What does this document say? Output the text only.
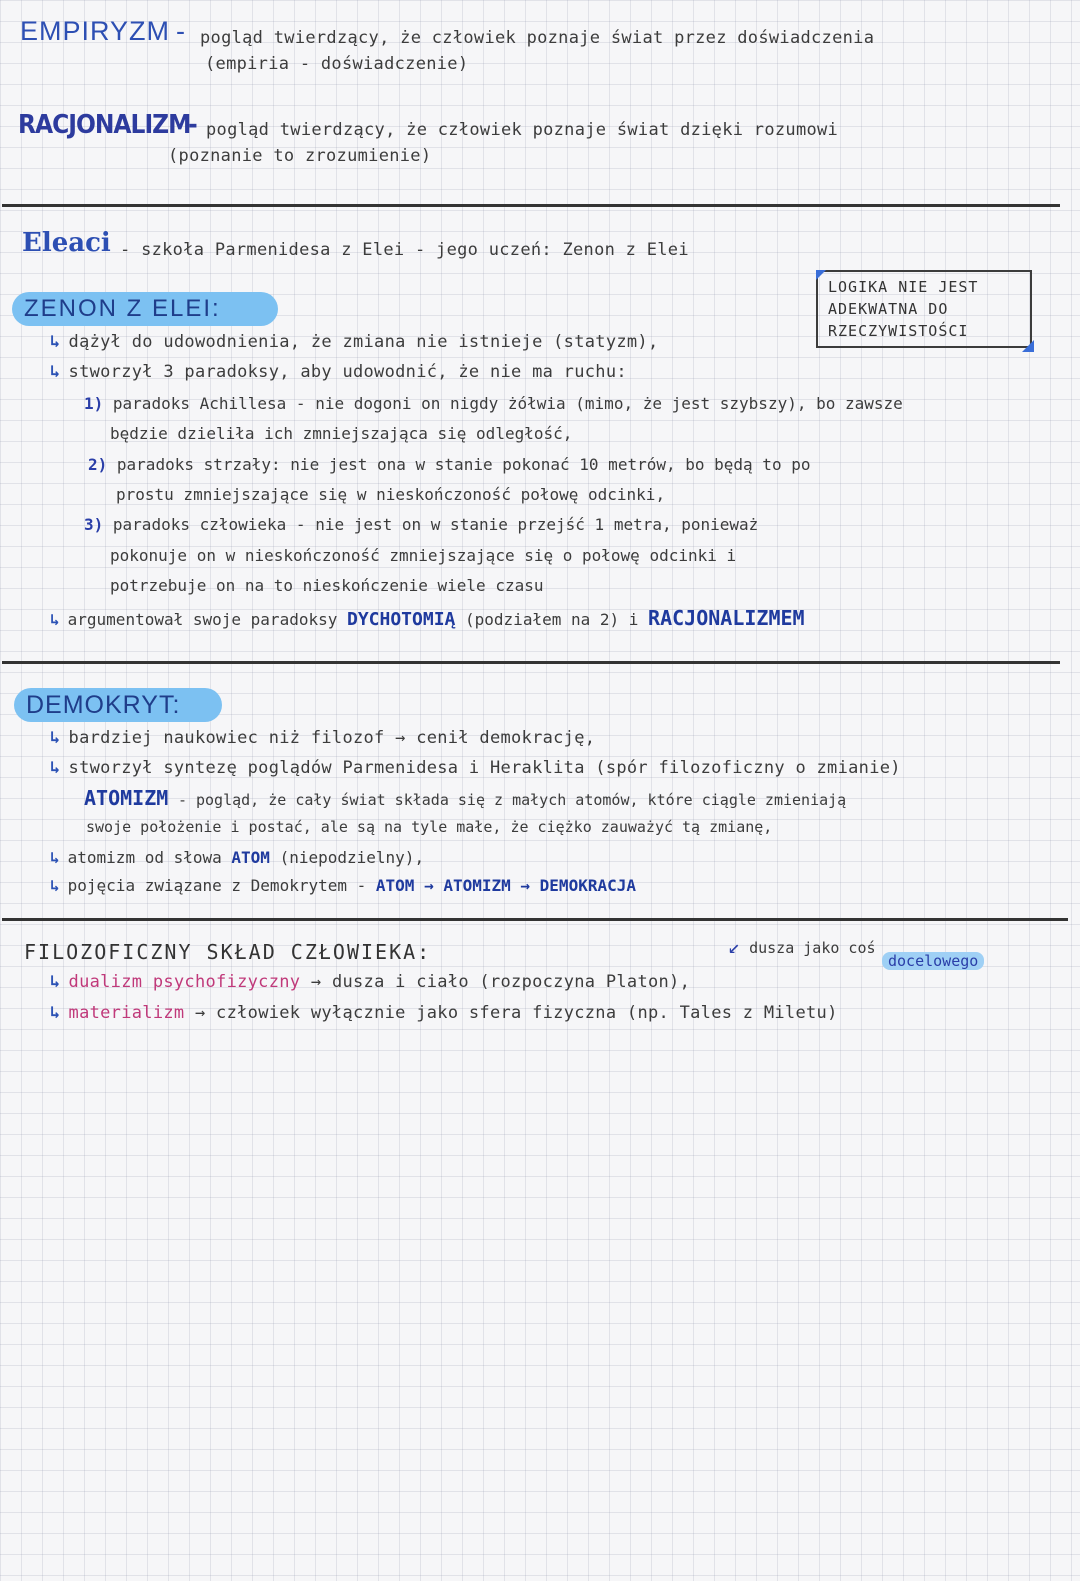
EMPIRYZM - pogląd twierdzący, że człowiek poznaje świat przez doświadczenia
(empiria - doświadczenie)
RACJONALIZM
- pogląd twierdzący, że człowiek poznaje świat dzięki rozumowi
(poznanie to zrozumienie)
Eleaci - szkoła Parmenidesa z Elei - jego uczeń: Zenon z Elei
LOGIKA NIE JEST
ADEKWATNA DO
RZECZYWISTOŚCI
ZENON Z ELEI:
↳ dążył do udowodnienia, że zmiana nie istnieje (statyzm),
↳ stworzył 3 paradoksy, aby udowodnić, że nie ma ruchu:
1) paradoks Achillesa - nie dogoni on nigdy żółwia (mimo, że jest szybszy), bo zawsze
będzie dzieliła ich zmniejszająca się odległość,
2) paradoks strzały: nie jest ona w stanie pokonać 10 metrów, bo będą to po
prostu zmniejszające się w nieskończoność połowę odcinki,
3) paradoks człowieka - nie jest on w stanie przejść 1 metra, ponieważ
pokonuje on w nieskończoność zmniejszające się o połowę odcinki i
potrzebuje on na to nieskończenie wiele czasu
↳ argumentował swoje paradoksy DYCHOTOMIĄ (podziałem na 2) i RACJONALIZMEM
DEMOKRYT:
↳ bardziej naukowiec niż filozof → cenił demokrację,
↳ stworzył syntezę poglądów Parmenidesa i Heraklita (spór filozoficzny o zmianie)
ATOMIZM - pogląd, że cały świat składa się z małych atomów, które ciągle zmieniają
swoje położenie i postać, ale są na tyle małe, że ciężko zauważyć tą zmianę,
↳ atomizm od słowa ATOM (niepodzielny),
↳ pojęcia związane z Demokrytem - ATOM → ATOMIZM → DEMOKRACJA
FILOZOFICZNY SKŁAD CZŁOWIEKA:	↙ dusza jako coś
docelowego
↳ dualizm psychofizyczny → dusza i ciało (rozpoczyna Platon),
↳ materializm → człowiek wyłącznie jako sfera fizyczna (np. Tales z Miletu)
